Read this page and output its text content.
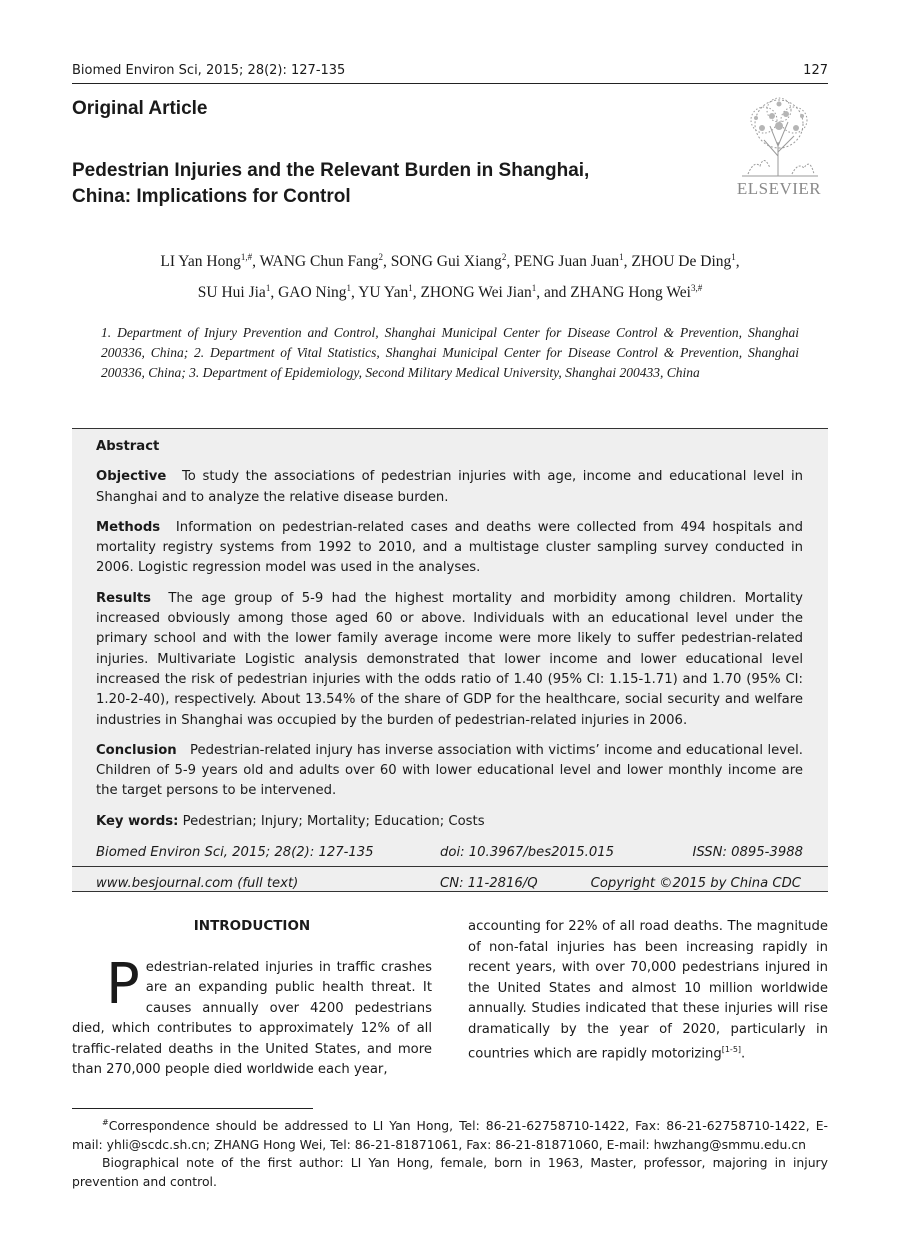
Biomed Environ Sci, 2015; 28(2): 127-135	127
Original Article
ELSEVIER
Pedestrian Injuries and the Relevant Burden in Shanghai,
China: Implications for Control
LI Yan Hong$^{1,\#}$, WANG Chun Fang$^2$, SONG Gui Xiang$^2$, PENG Juan Juan$^1$, ZHOU De Ding$^1$,
SU Hui Jia$^1$, GAO Ning$^1$, YU Yan$^1$, ZHONG Wei Jian$^1$, and ZHANG Hong Wei$^{3,\#}$
1. Department of Injury Prevention and Control, Shanghai Municipal Center for Disease Control & Prevention, Shanghai 200336, China; 2. Department of Vital Statistics, Shanghai Municipal Center for Disease Control & Prevention, Shanghai 200336, China; 3. Department of Epidemiology, Second Military Medical University, Shanghai 200433, China
Abstract
Objective To study the associations of pedestrian injuries with age, income and educational level in Shanghai and to analyze the relative disease burden.
Methods Information on pedestrian-related cases and deaths were collected from 494 hospitals and mortality registry systems from 1992 to 2010, and a multistage cluster sampling survey conducted in 2006. Logistic regression model was used in the analyses.
Results The age group of 5-9 had the highest mortality and morbidity among children. Mortality increased obviously among those aged 60 or above. Individuals with an educational level under the primary school and with the lower family average income were more likely to suffer pedestrian-related injuries. Multivariate Logistic analysis demonstrated that lower income and lower educational level increased the risk of pedestrian injuries with the odds ratio of 1.40 (95% CI: 1.15-1.71) and 1.70 (95% CI: 1.20-2-40), respectively. About 13.54% of the share of GDP for the healthcare, social security and welfare industries in Shanghai was occupied by the burden of pedestrian-related injuries in 2006.
Conclusion Pedestrian-related injury has inverse association with victims’ income and educational level. Children of 5-9 years old and adults over 60 with lower educational level and lower monthly income are the target persons to be intervened.
Key words: Pedestrian; Injury; Mortality; Education; Costs
Biomed Environ Sci, 2015; 28(2): 127-135	doi: 10.3967/bes2015.015	ISSN: 0895-3988
www.besjournal.com (full text)	CN: 11-2816/Q	Copyright ©2015 by China CDC
INTRODUCTION
P edestrian-related injuries in traffic crashes are an expanding public health threat. It causes annually over 4200 pedestrians died, which contributes to approximately 12% of all traffic-related deaths in the United States, and more than 270,000 people died worldwide each year,
accounting for 22% of all road deaths. The magnitude of non-fatal injuries has been increasing rapidly in recent years, with over 70,000 pedestrians injured in the United States and almost 10 million worldwide annually. Studies indicated that these injuries will rise dramatically by the year of 2020, particularly in countries which are rapidly motorizing[1-5].

#Correspondence should be addressed to LI Yan Hong, Tel: 86-21-62758710-1422, Fax: 86-21-62758710-1422, E-mail: yhli@scdc.sh.cn; ZHANG Hong Wei, Tel: 86-21-81871061, Fax: 86-21-81871060, E-mail: hwzhang@smmu.edu.cn

Biographical note of the first author: LI Yan Hong, female, born in 1963, Master, professor, majoring in injury prevention and control.
